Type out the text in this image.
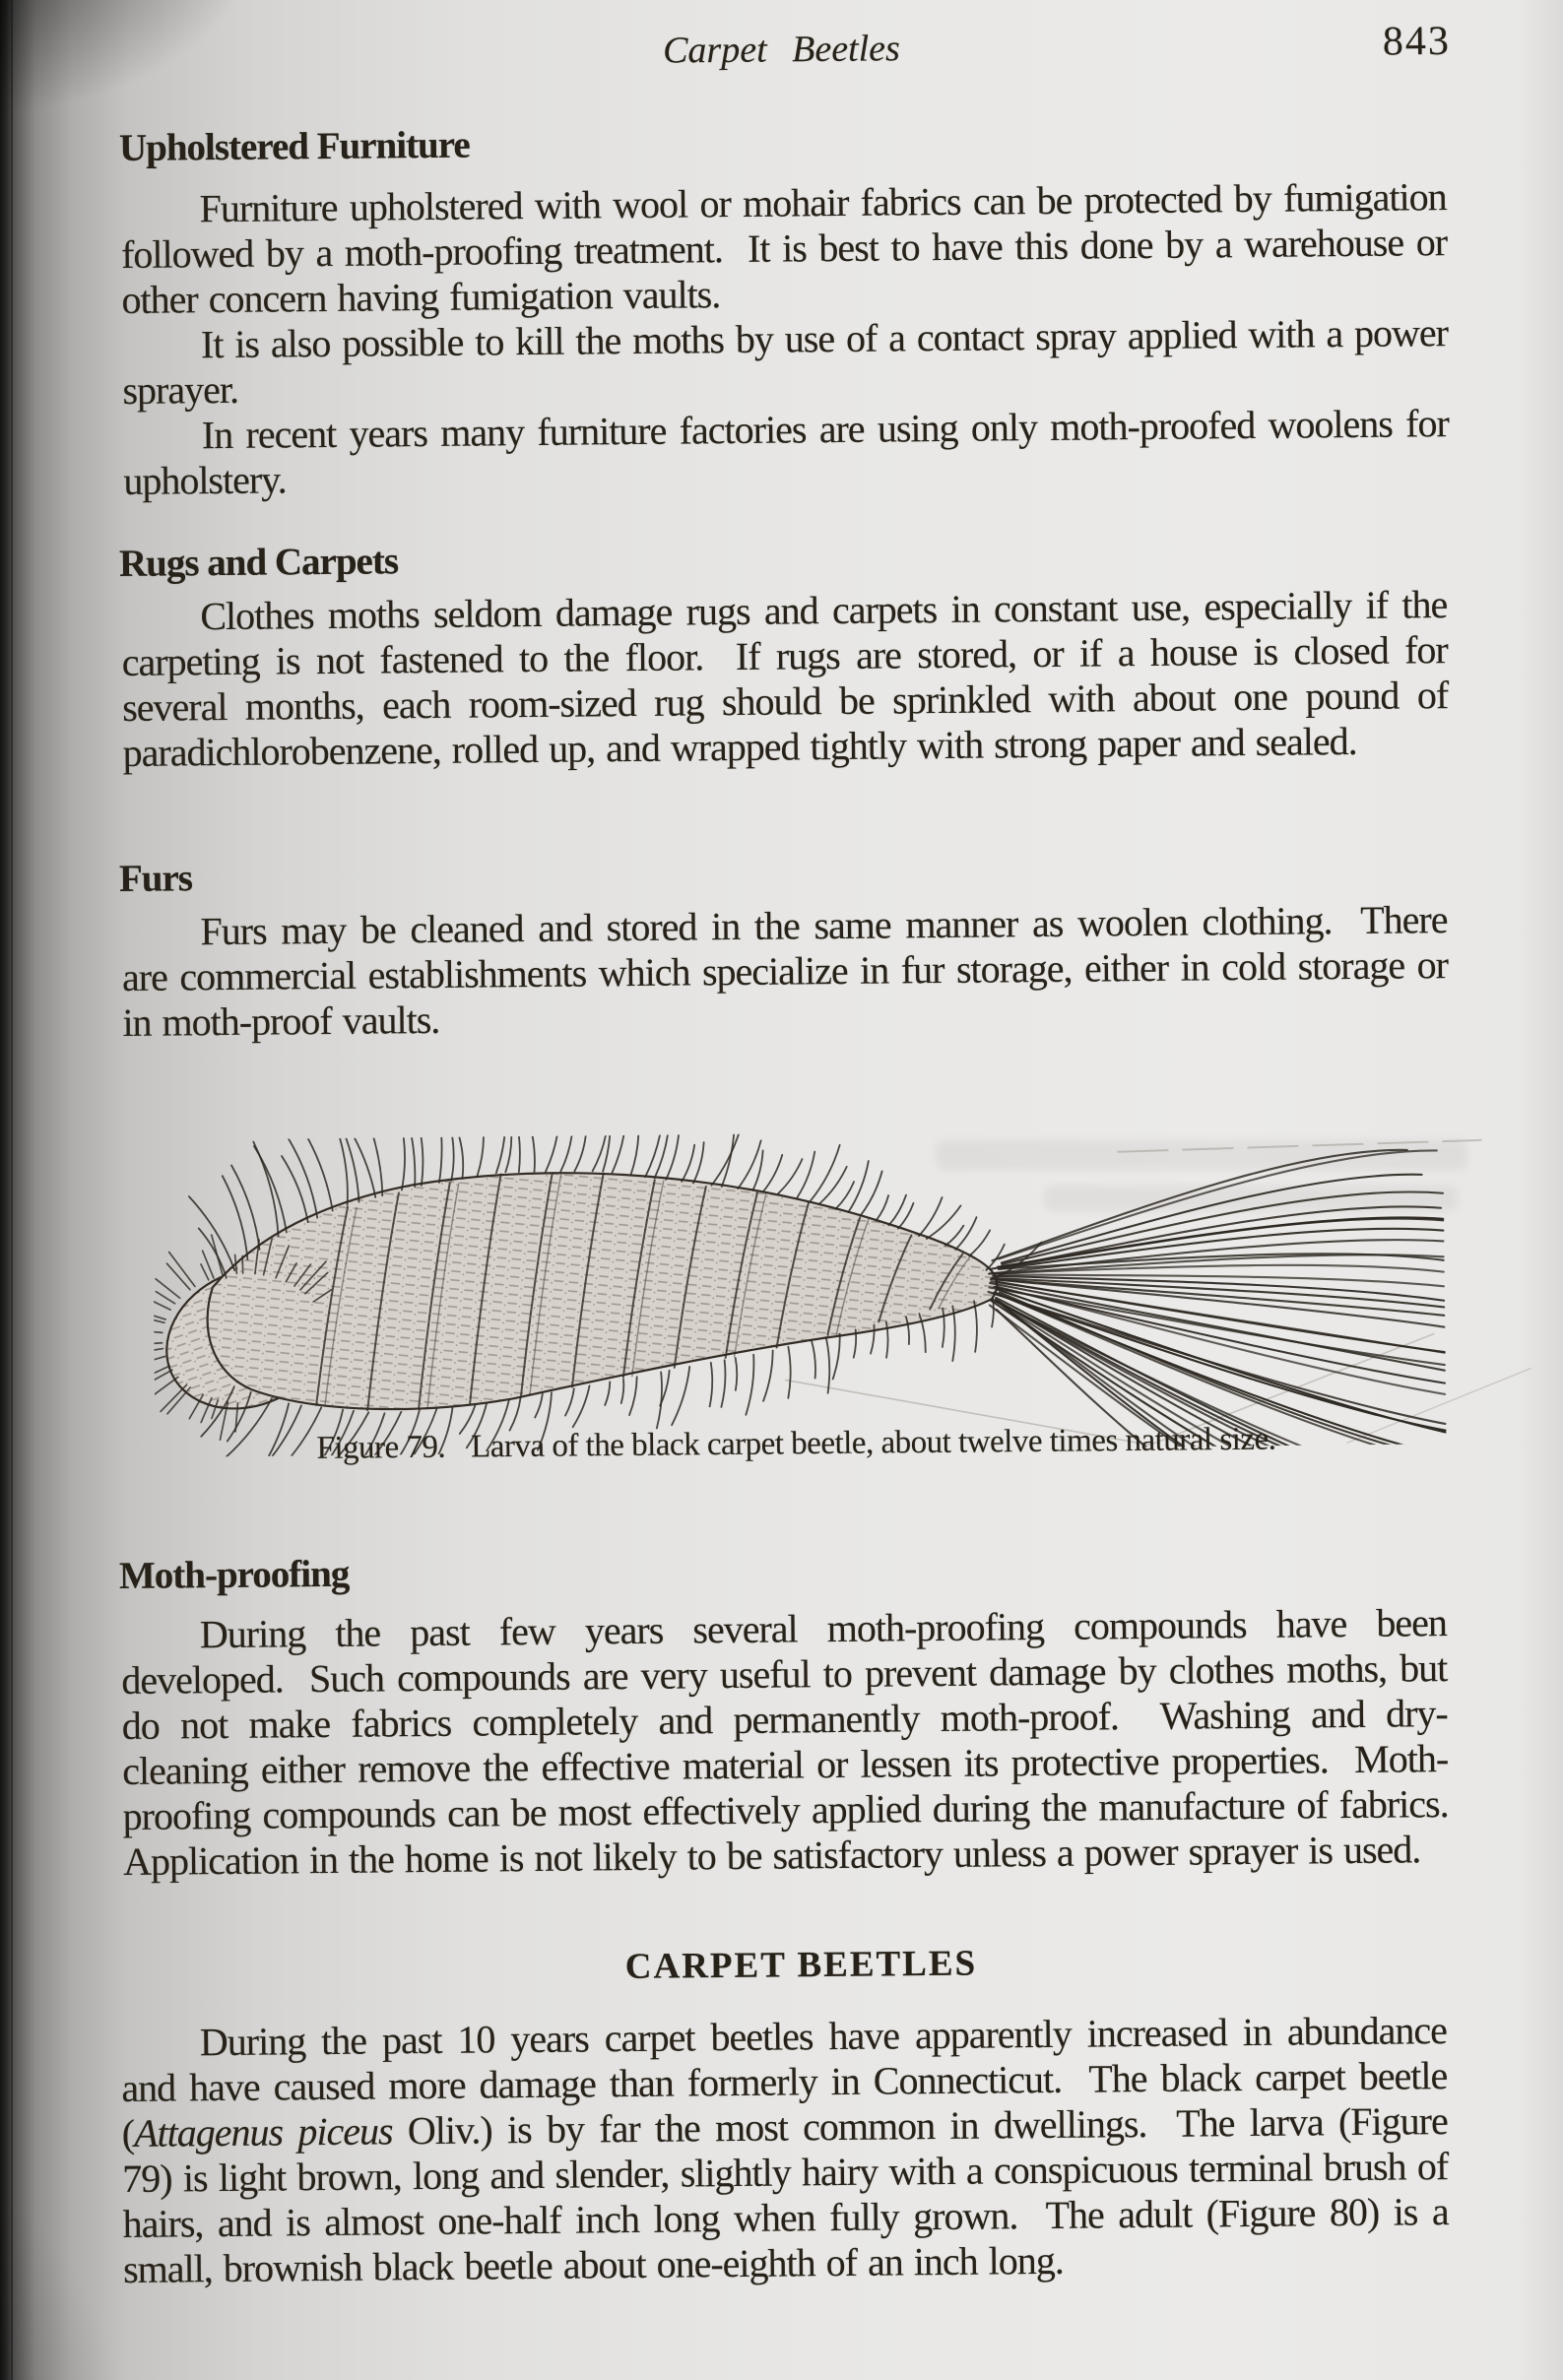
Carpet Beetles	843
Upholstered Furniture

Furniture upholstered with wool or mohair fabrics can be protected by fumigation followed by a moth-proofing treatment.  It is best to have this done by a warehouse or other concern having fumigation vaults.

It is also possible to kill the moths by use of a contact spray applied with a power sprayer.

In recent years many furniture factories are using only moth-proofed woolens for upholstery.

Rugs and Carpets

Clothes moths seldom damage rugs and carpets in constant use, especially if the carpeting is not fastened to the floor.  If rugs are stored, or if a house is closed for several months, each room-sized rug should be sprinkled with about one pound of paradichlorobenzene, rolled up, and wrapped tightly with strong paper and sealed.

Furs

Furs may be cleaned and stored in the same manner as woolen clothing.  There are commercial establishments which specialize in fur storage, either in cold storage or in moth-proof vaults.

Figure 79. Larva of the black carpet beetle, about twelve times natural size.
Moth-proofing

During the past few years several moth-proofing compounds have been developed.  Such compounds are very useful to prevent damage by clothes moths, but do not make fabrics completely and permanently moth-proof.  Washing and dry-cleaning either remove the effective material or lessen its protective properties.  Moth-proofing compounds can be most effectively applied during the manufacture of fabrics.  Application in the home is not likely to be satisfactory unless a power sprayer is used.

CARPET BEETLES

During the past 10 years carpet beetles have apparently increased in abundance and have caused more damage than formerly in Connecticut.  The black carpet beetle (Attagenus piceus Oliv.) is by far the most common in dwellings.  The larva (Figure 79) is light brown, long and slender, slightly hairy with a conspicuous terminal brush of hairs, and is almost one-half inch long when fully grown.  The adult (Figure 80) is a small, brownish black beetle about one-eighth of an inch long.
